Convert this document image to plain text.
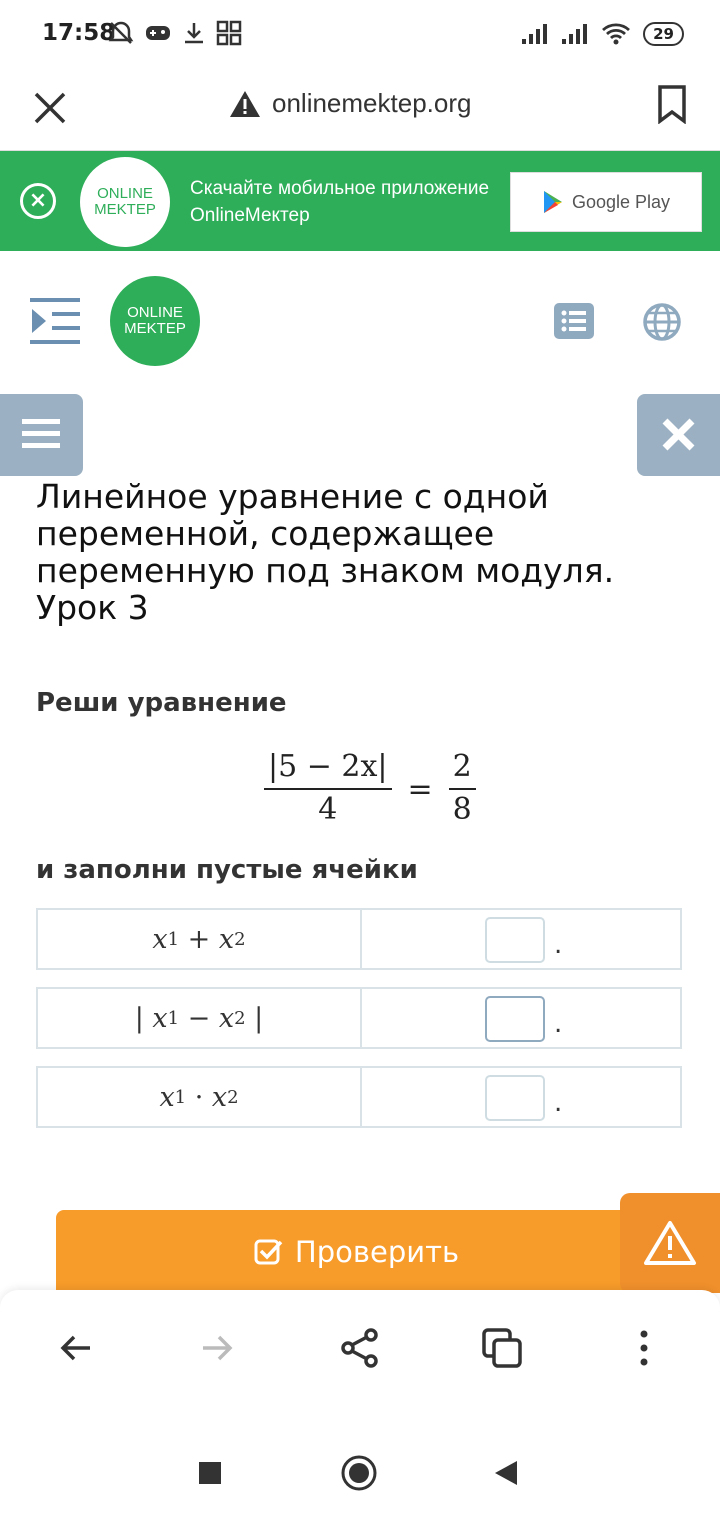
17:58	29
onlinemektep.org
×	ONLINE
MEKTEP
Скачайте мобильное приложение OnlineМектер
Google Play
ONLINE
MEKTEP
Линейное уравнение с одной переменной, содержащее переменную под знаком модуля. Урок 3
Реши уравнение
$\frac{|5 - 2x|}{4} = \frac{2}{8}$
и заполни пустые ячейки
x 1 + x 2	.
| x 1 − x 2 |	.
x 1 · x 2	.
Проверить
